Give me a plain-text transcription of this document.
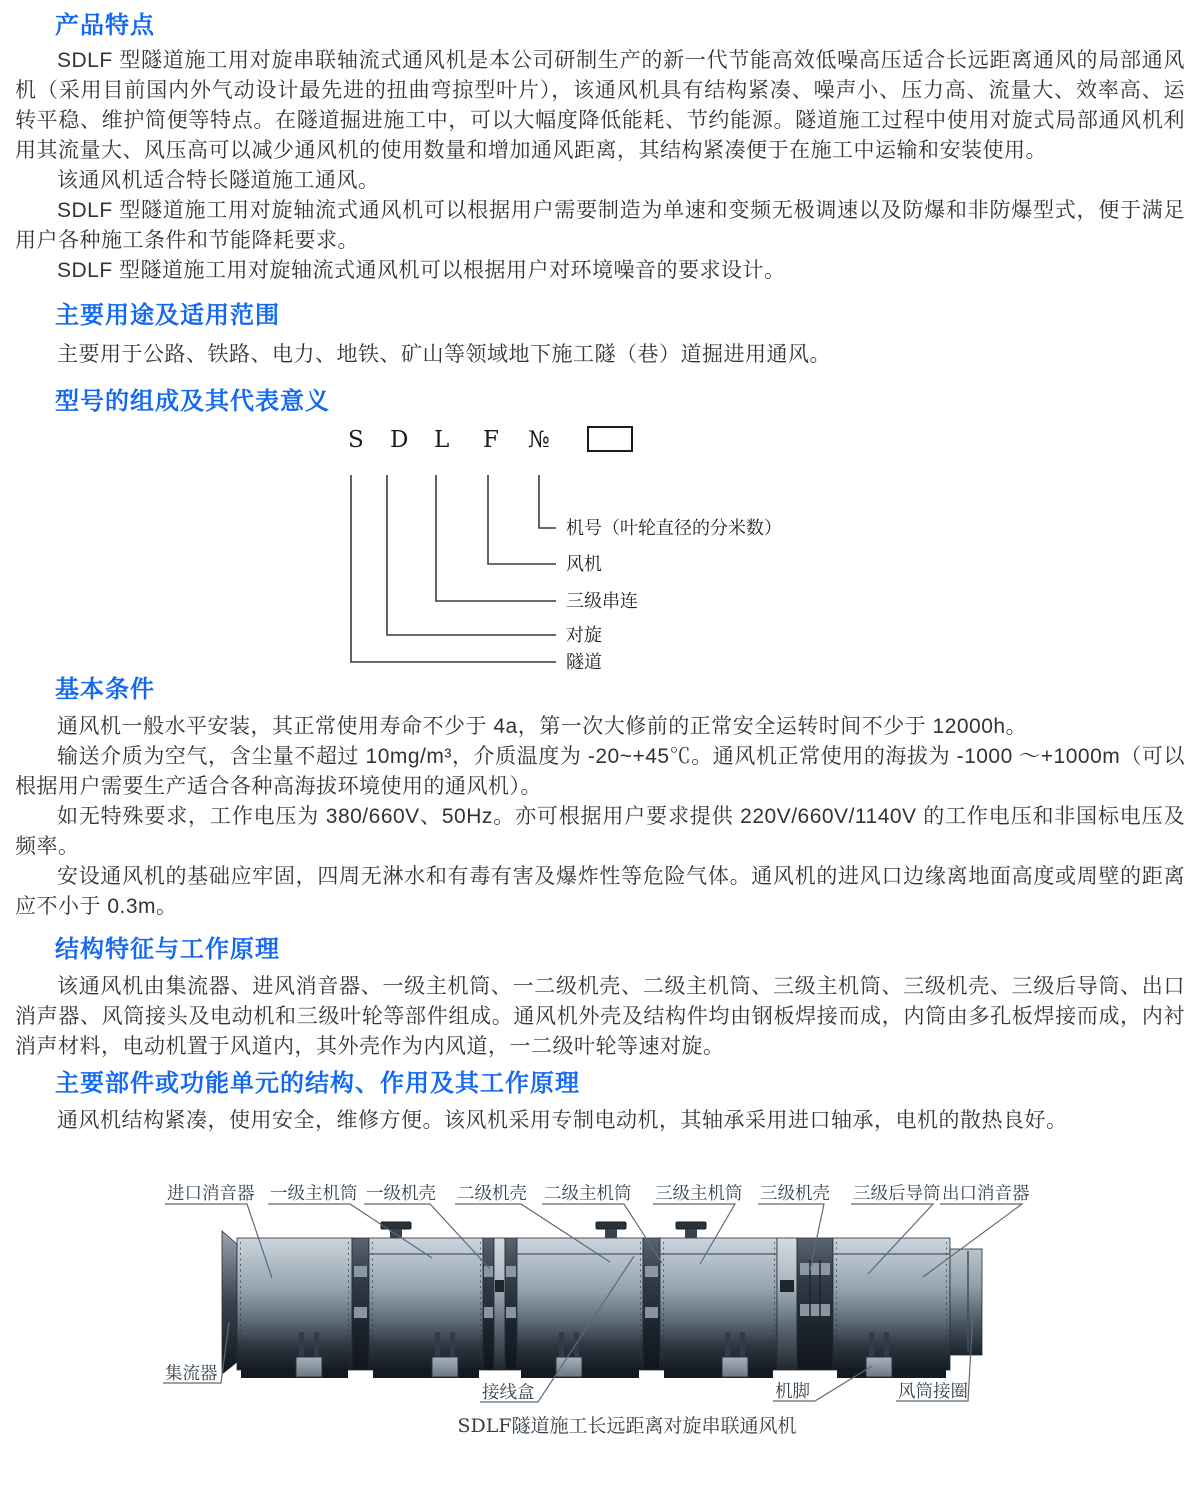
产品特点

SDLF 型隧道施工用对旋串联轴流式通风机是本公司研制生产的新一代节能高效低噪高压适合长远距离通风的局部通风机（采用目前国内外气动设计最先进的扭曲弯掠型叶片），该通风机具有结构紧凑、噪声小、压力高、流量大、效率高、运转平稳、维护简便等特点。在隧道掘进施工中，可以大幅度降低能耗、节约能源。隧道施工过程中使用对旋式局部通风机利用其流量大、风压高可以减少通风机的使用数量和增加通风距离，其结构紧凑便于在施工中运输和安装使用。

该通风机适合特长隧道施工通风。

SDLF 型隧道施工用对旋轴流式通风机可以根据用户需要制造为单速和变频无极调速以及防爆和非防爆型式，便于满足用户各种施工条件和节能降耗要求。

SDLF 型隧道施工用对旋轴流式通风机可以根据用户对环境噪音的要求设计。

主要用途及适用范围

主要用于公路、铁路、电力、地铁、矿山等领域地下施工隧（巷）道掘进用通风。

型号的组成及其代表意义
S D L F №
机号（叶轮直径的分米数）
风机
三级串连
对旋
隧道
基本条件

通风机一般水平安装，其正常使用寿命不少于 4a，第一次大修前的正常安全运转时间不少于 12000h。

输送介质为空气，含尘量不超过 10mg/m³，介质温度为 -20~+45℃。通风机正常使用的海拔为 -1000 ～+1000m（可以根据用户需要生产适合各种高海拔环境使用的通风机）。

如无特殊要求，工作电压为 380/660V、50Hz。亦可根据用户要求提供 220V/660V/1140V 的工作电压和非国标电压及频率。

安设通风机的基础应牢固，四周无淋水和有毒有害及爆炸性等危险气体。通风机的进风口边缘离地面高度或周壁的距离应不小于 0.3m。

结构特征与工作原理

该通风机由集流器、进风消音器、一级主机筒、一二级机壳、二级主机筒、三级主机筒、三级机壳、三级后导筒、出口消声器、风筒接头及电动机和三级叶轮等部件组成。通风机外壳及结构件均由钢板焊接而成，内筒由多孔板焊接而成，内衬消声材料，电动机置于风道内，其外壳作为内风道，一二级叶轮等速对旋。

主要部件或功能单元的结构、作用及其工作原理

通风机结构紧凑，使用安全，维修方便。该风机采用专制电动机，其轴承采用进口轴承，电机的散热良好。

进口消音器 一级主机筒 一级机壳 二级机壳 二级主机筒 三级主机筒 三级机壳 三级后导筒 出口消音器
集流器
接线盒	机脚	风筒接圈
SDLF隧道施工长远距离对旋串联通风机
